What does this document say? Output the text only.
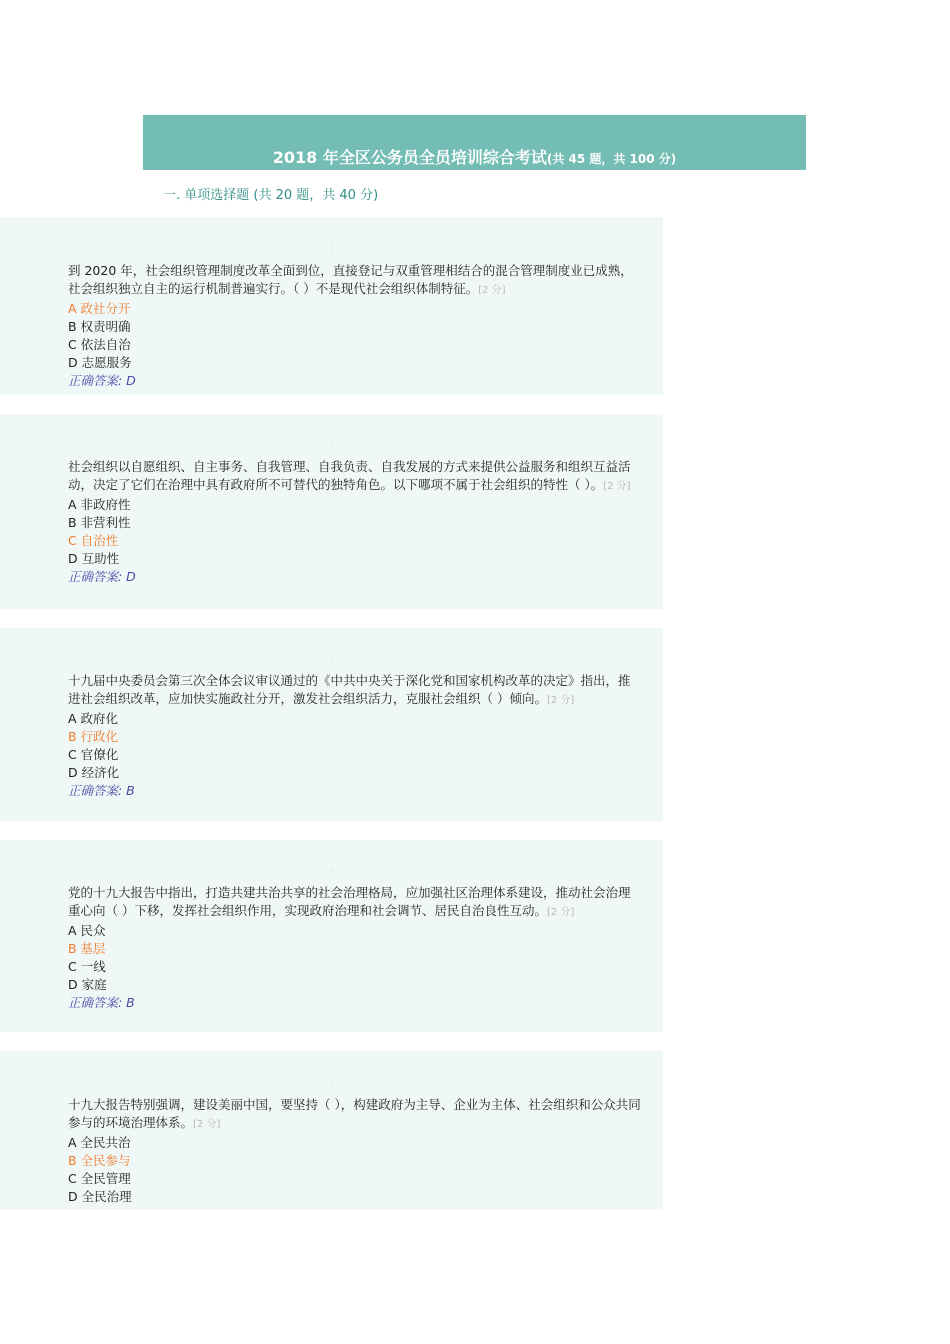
2018 年全区公务员全员培训综合考试(共 45 题，共 100 分)
一. 单项选择题 (共 20 题，共 40 分)
1
到 2020 年，社会组织管理制度改革全面到位，直接登记与双重管理相结合的混合管理制度业已成熟，社会组织独立自主的运行机制普遍实行。（ ）不是现代社会组织体制特征。[2 分]
A 政社分开
B 权责明确
C 依法自治
D 志愿服务
正确答案: D
2
社会组织以自愿组织、自主事务、自我管理、自我负责、自我发展的方式来提供公益服务和组织互益活动，决定了它们在治理中具有政府所不可替代的独特角色。以下哪项不属于社会组织的特性（ ）。[2 分]
A 非政府性
B 非营利性
C 自治性
D 互助性
正确答案: D
3
十九届中央委员会第三次全体会议审议通过的《中共中央关于深化党和国家机构改革的决定》指出，推进社会组织改革，应加快实施政社分开，激发社会组织活力，克服社会组织（ ）倾向。[2 分]
A 政府化
B 行政化
C 官僚化
D 经济化
正确答案: B
4
党的十九大报告中指出，打造共建共治共享的社会治理格局，应加强社区治理体系建设，推动社会治理重心向（ ）下移，发挥社会组织作用，实现政府治理和社会调节、居民自治良性互动。[2 分]
A 民众
B 基层
C 一线
D 家庭
正确答案: B
5
十九大报告特别强调，建设美丽中国，要坚持（ ），构建政府为主导、企业为主体、社会组织和公众共同参与的环境治理体系。[2 分]
A 全民共治
B 全民参与
C 全民管理
D 全民治理
